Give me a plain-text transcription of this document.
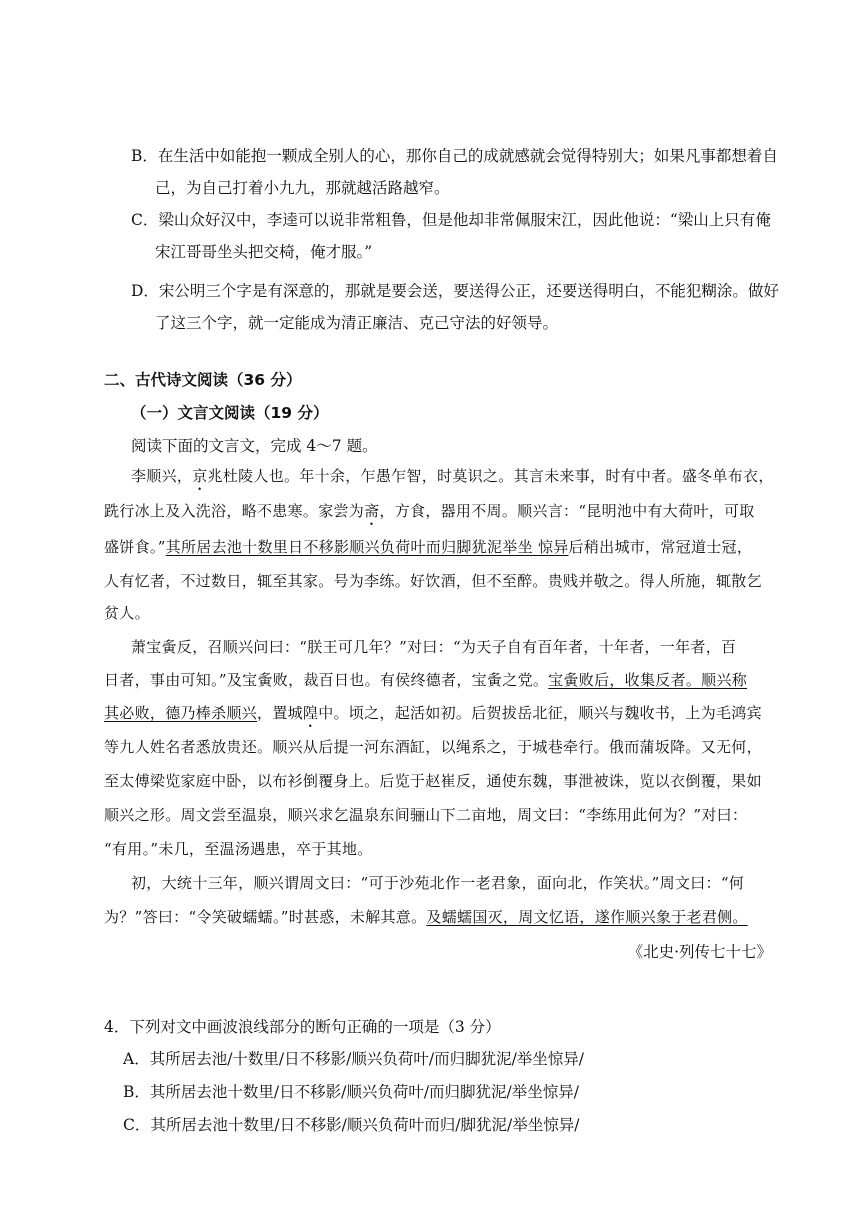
B．在生活中如能抱一颗成全别人的心，那你自己的成就感就会觉得特别大；如果凡事都想着自
己，为自己打着小九九，那就越活路越窄。
C．梁山众好汉中，李逵可以说非常粗鲁，但是他却非常佩服宋江，因此他说：“梁山上只有俺
宋江哥哥坐头把交椅，俺才服。”
D．宋公明三个字是有深意的，那就是要会送，要送得公正，还要送得明白，不能犯糊涂。做好
了这三个字，就一定能成为清正廉洁、克己守法的好领导。
二、古代诗文阅读（36 分）
（一）文言文阅读（19 分）
阅读下面的文言文，完成 4～7 题。
李顺兴，京兆杜陵人也。年十余，乍愚乍智，时莫识之。其言未来事，时有中者。盛冬单布衣，
跣行冰上及入洗浴，略不患寒。家尝为斋，方食，器用不周。顺兴言：“昆明池中有大荷叶，可取
盛饼食。”其所居去池十数里日不移影顺兴负荷叶而归脚犹泥举坐 惊异后稍出城市，常冠道士冠，
人有忆者，不过数日，辄至其家。号为李练。好饮酒，但不至醉。贵贱并敬之。得人所施，辄散乞
贫人。
萧宝夤反，召顺兴问曰：“朕王可几年？”对曰：“为天子自有百年者，十年者，一年者，百
日者，事由可知。”及宝夤败，裁百日也。有侯终德者，宝夤之党。宝夤败后，收集反者。顺兴称
其必败，德乃棒杀顺兴，置城隍中。顷之，起活如初。后贺拔岳北征，顺兴与魏收书，上为毛鸿宾
等九人姓名者悉放贵还。顺兴从后提一河东酒缸，以绳系之，于城巷牵行。俄而蒲坂降。又无何，
至太傅梁览家庭中卧，以布衫倒覆身上。后览于赵崔反，通使东魏，事泄被诛，览以衣倒覆，果如
顺兴之形。周文尝至温泉，顺兴求乞温泉东间骊山下二亩地，周文曰：“李练用此何为？”对曰：
“有用。”未几，至温汤遇患，卒于其地。
初，大统十三年，顺兴谓周文曰：“可于沙苑北作一老君象，面向北，作笑状。”周文曰：“何
为？”答曰：“令笑破蠕蠕。”时甚惑，未解其意。及蠕蠕国灭，周文忆语，遂作顺兴象于老君侧。
《北史·列传七十七》
4．下列对文中画波浪线部分的断句正确的一项是（3 分）
A．其所居去池/十数里/日不移影/顺兴负荷叶/而归脚犹泥/举坐惊异/
B．其所居去池十数里/日不移影/顺兴负荷叶/而归脚犹泥/举坐惊异/
C．其所居去池十数里/日不移影/顺兴负荷叶而归/脚犹泥/举坐惊异/
